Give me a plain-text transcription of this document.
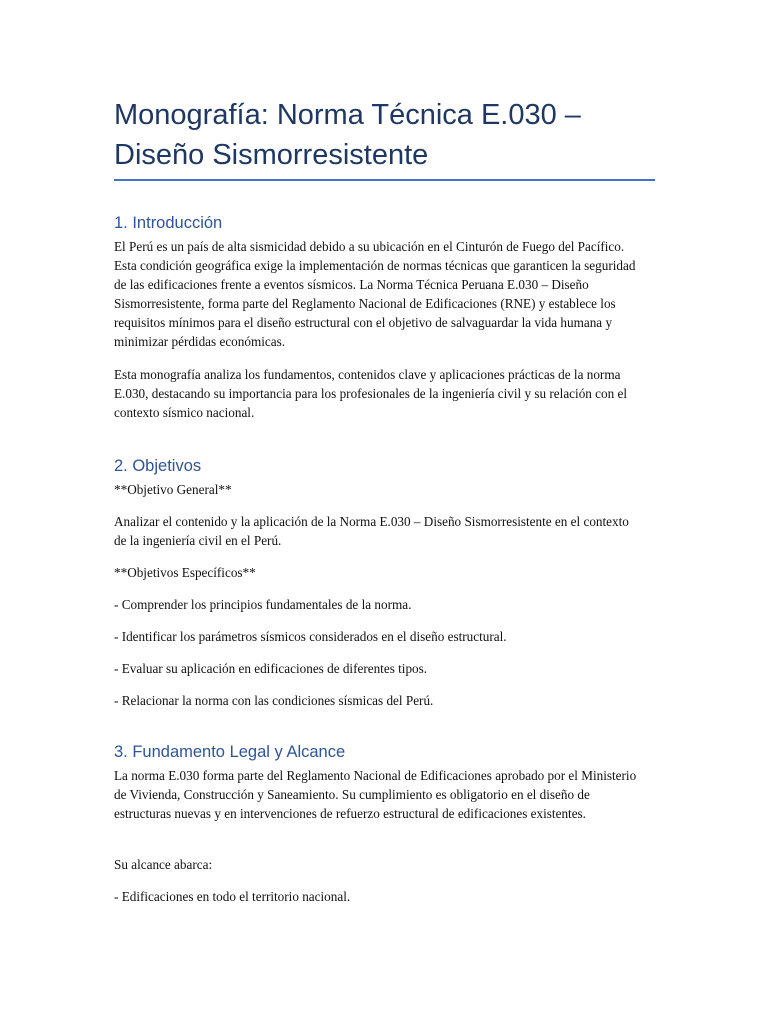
Monografía: Norma Técnica E.030 – Diseño Sismorresistente
1. Introducción

El Perú es un país de alta sismicidad debido a su ubicación en el Cinturón de Fuego del Pacífico. Esta condición geográfica exige la implementación de normas técnicas que garanticen la seguridad de las edificaciones frente a eventos sísmicos. La Norma Técnica Peruana E.030 – Diseño Sismorresistente, forma parte del Reglamento Nacional de Edificaciones (RNE) y establece los requisitos mínimos para el diseño estructural con el objetivo de salvaguardar la vida humana y minimizar pérdidas económicas.

Esta monografía analiza los fundamentos, contenidos clave y aplicaciones prácticas de la norma E.030, destacando su importancia para los profesionales de la ingeniería civil y su relación con el contexto sísmico nacional.

2. Objetivos

**Objetivo General**

Analizar el contenido y la aplicación de la Norma E.030 – Diseño Sismorresistente en el contexto de la ingeniería civil en el Perú.

**Objetivos Específicos**

- Comprender los principios fundamentales de la norma.

- Identificar los parámetros sísmicos considerados en el diseño estructural.

- Evaluar su aplicación en edificaciones de diferentes tipos.

- Relacionar la norma con las condiciones sísmicas del Perú.

3. Fundamento Legal y Alcance

La norma E.030 forma parte del Reglamento Nacional de Edificaciones aprobado por el Ministerio de Vivienda, Construcción y Saneamiento. Su cumplimiento es obligatorio en el diseño de estructuras nuevas y en intervenciones de refuerzo estructural de edificaciones existentes.

Su alcance abarca:

- Edificaciones en todo el territorio nacional.
